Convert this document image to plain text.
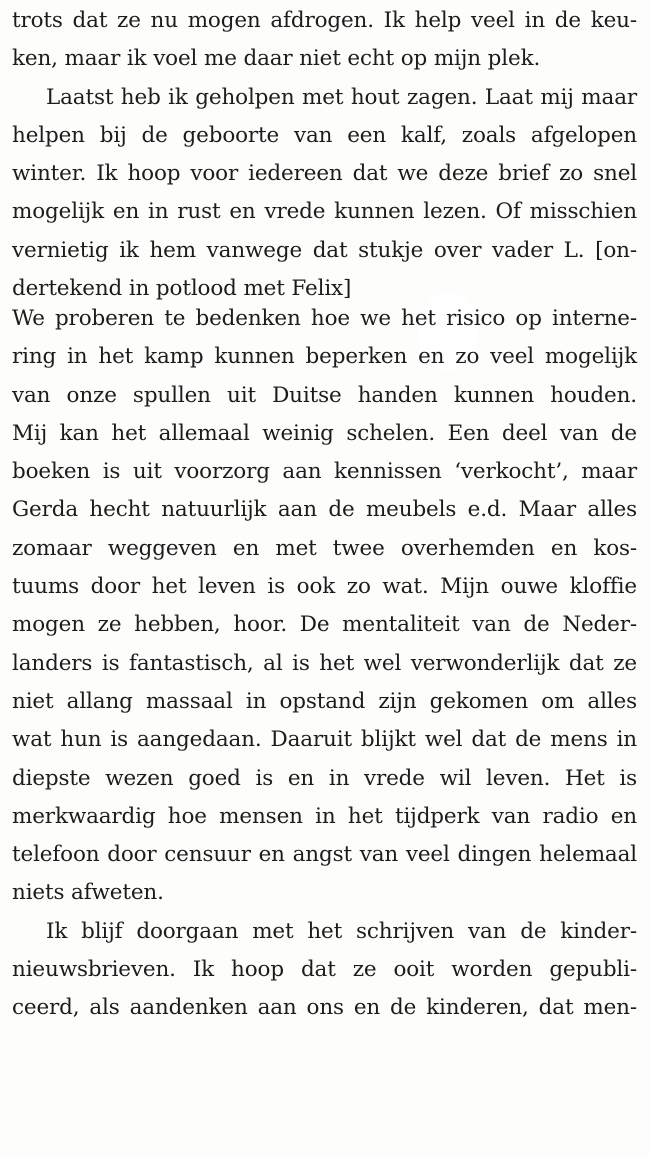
trots dat ze nu mogen afdrogen. Ik help veel in de keu-
ken, maar ik voel me daar niet echt op mijn plek.
Laatst heb ik geholpen met hout zagen. Laat mij maar
helpen bij de geboorte van een kalf, zoals afgelopen
winter. Ik hoop voor iedereen dat we deze brief zo snel
mogelijk en in rust en vrede kunnen lezen. Of misschien
vernietig ik hem vanwege dat stukje over vader L. [on-
dertekend in potlood met Felix]
We proberen te bedenken hoe we het risico op interne-
ring in het kamp kunnen beperken en zo veel mogelijk
van onze spullen uit Duitse handen kunnen houden.
Mij kan het allemaal weinig schelen. Een deel van de
boeken is uit voorzorg aan kennissen ‘verkocht’, maar
Gerda hecht natuurlijk aan de meubels e.d. Maar alles
zomaar weggeven en met twee overhemden en kos-
tuums door het leven is ook zo wat. Mijn ouwe kloffie
mogen ze hebben, hoor. De mentaliteit van de Neder-
landers is fantastisch, al is het wel verwonderlijk dat ze
niet allang massaal in opstand zijn gekomen om alles
wat hun is aangedaan. Daaruit blijkt wel dat de mens in
diepste wezen goed is en in vrede wil leven. Het is
merkwaardig hoe mensen in het tijdperk van radio en
telefoon door censuur en angst van veel dingen helemaal
niets afweten.
Ik blijf doorgaan met het schrijven van de kinder-
nieuwsbrieven. Ik hoop dat ze ooit worden gepubli-
ceerd, als aandenken aan ons en de kinderen, dat men-
